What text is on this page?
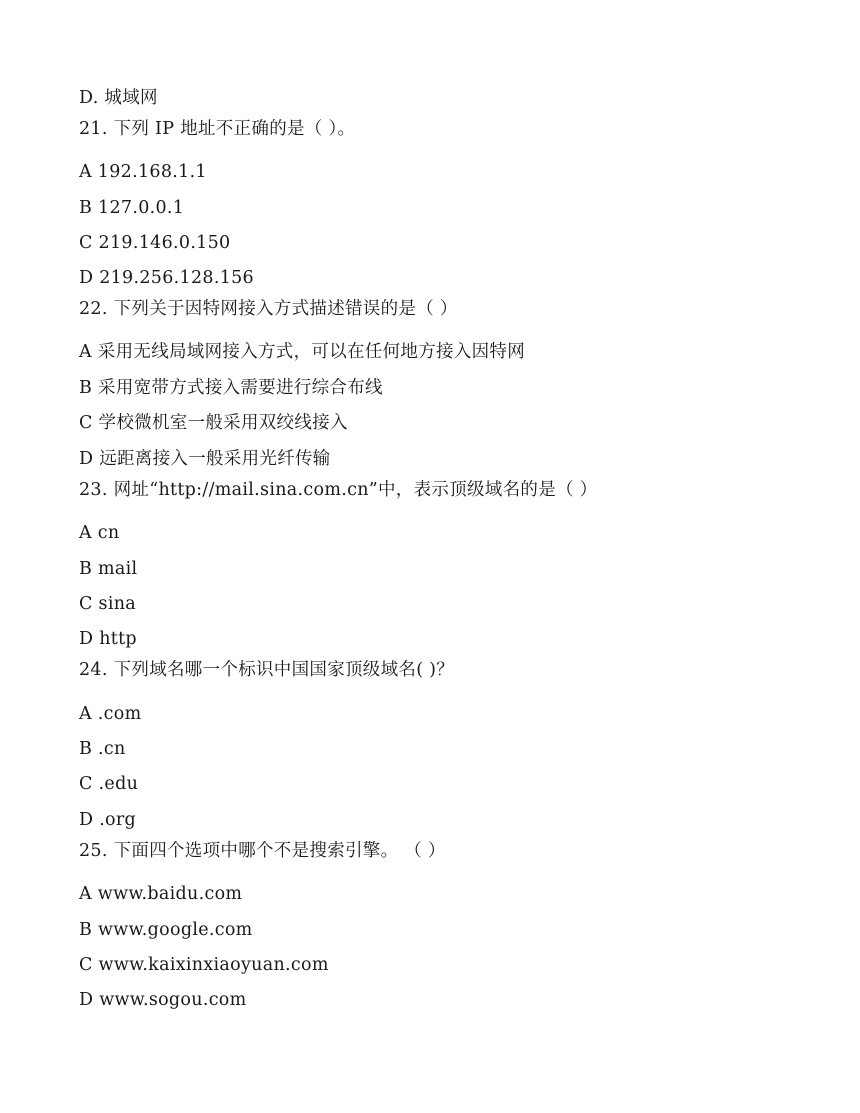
D. 城域网
21. 下列 IP 地址不正确的是（ ）。
A 192.168.1.1
B 127.0.0.1
C 219.146.0.150
D 219.256.128.156
22. 下列关于因特网接入方式描述错误的是（ ）
A 采用无线局域网接入方式，可以在任何地方接入因特网
B 采用宽带方式接入需要进行综合布线
C 学校微机室一般采用双绞线接入
D 远距离接入一般采用光纤传输
23. 网址“http://mail.sina.com.cn”中，表示顶级域名的是（ ）
A cn
B mail
C sina
D http
24. 下列域名哪一个标识中国国家顶级域名( )？
A .com
B .cn
C .edu
D .org
25. 下面四个选项中哪个不是搜索引擎。 （ ）
A www.baidu.com
B www.google.com
C www.kaixinxiaoyuan.com
D www.sogou.com
